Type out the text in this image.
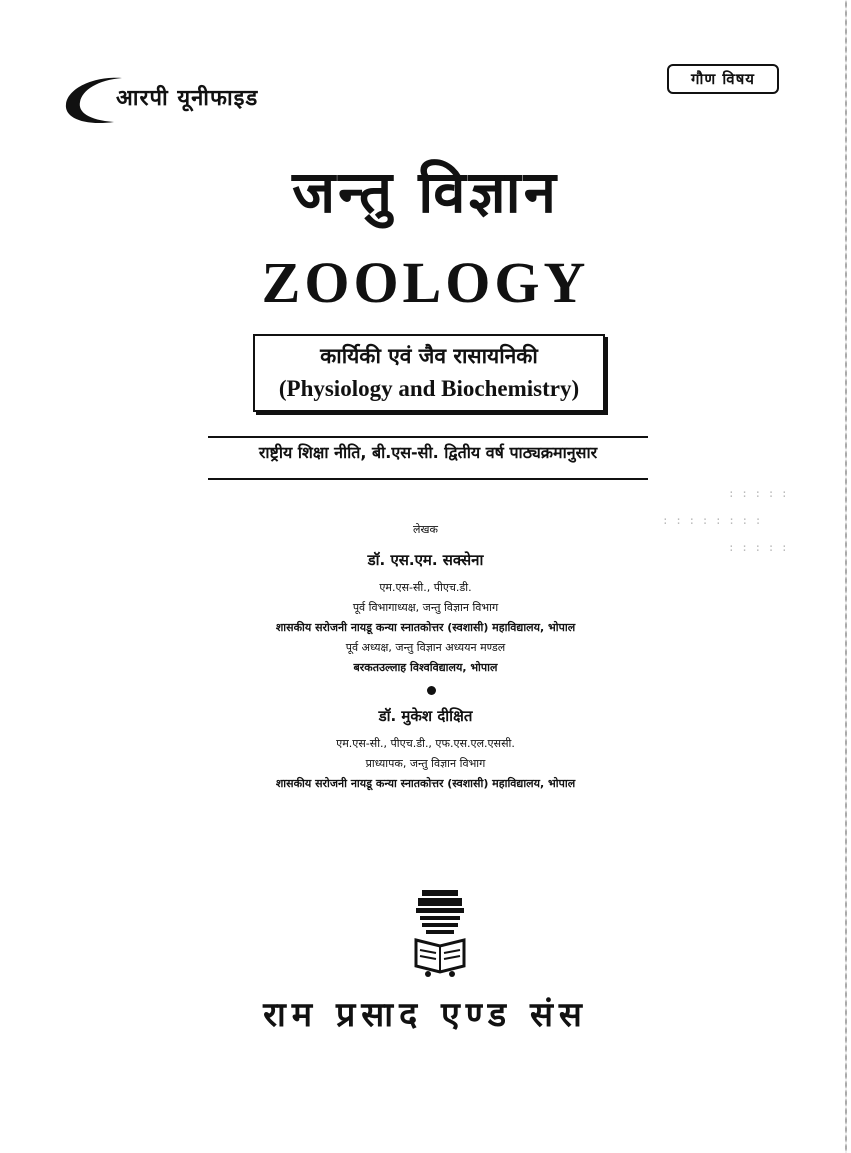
आरपी यूनीफाइड
गौण विषय
जन्तु विज्ञान
ZOOLOGY
कार्यिकी एवं जैव रासायनिकी
(Physiology and Biochemistry)
राष्ट्रीय शिक्षा नीति, बी.एस-सी. द्वितीय वर्ष पाठ्यक्रमानुसार
: : : : :
: : : : : : : :
: : : : :
लेखक
डॉ. एस.एम. सक्सेना
एम.एस-सी., पीएच.डी.
पूर्व विभागाध्यक्ष, जन्तु विज्ञान विभाग
शासकीय सरोजनी नायडू कन्या स्नातकोत्तर (स्वशासी) महाविद्यालय, भोपाल
पूर्व अध्यक्ष, जन्तु विज्ञान अध्ययन मण्डल
बरकतउल्लाह विश्वविद्यालय, भोपाल
डॉ. मुकेश दीक्षित
एम.एस-सी., पीएच.डी., एफ.एस.एल.एससी.
प्राध्यापक, जन्तु विज्ञान विभाग
शासकीय सरोजनी नायडू कन्या स्नातकोत्तर (स्वशासी) महाविद्यालय, भोपाल
राम प्रसाद एण्ड संस
